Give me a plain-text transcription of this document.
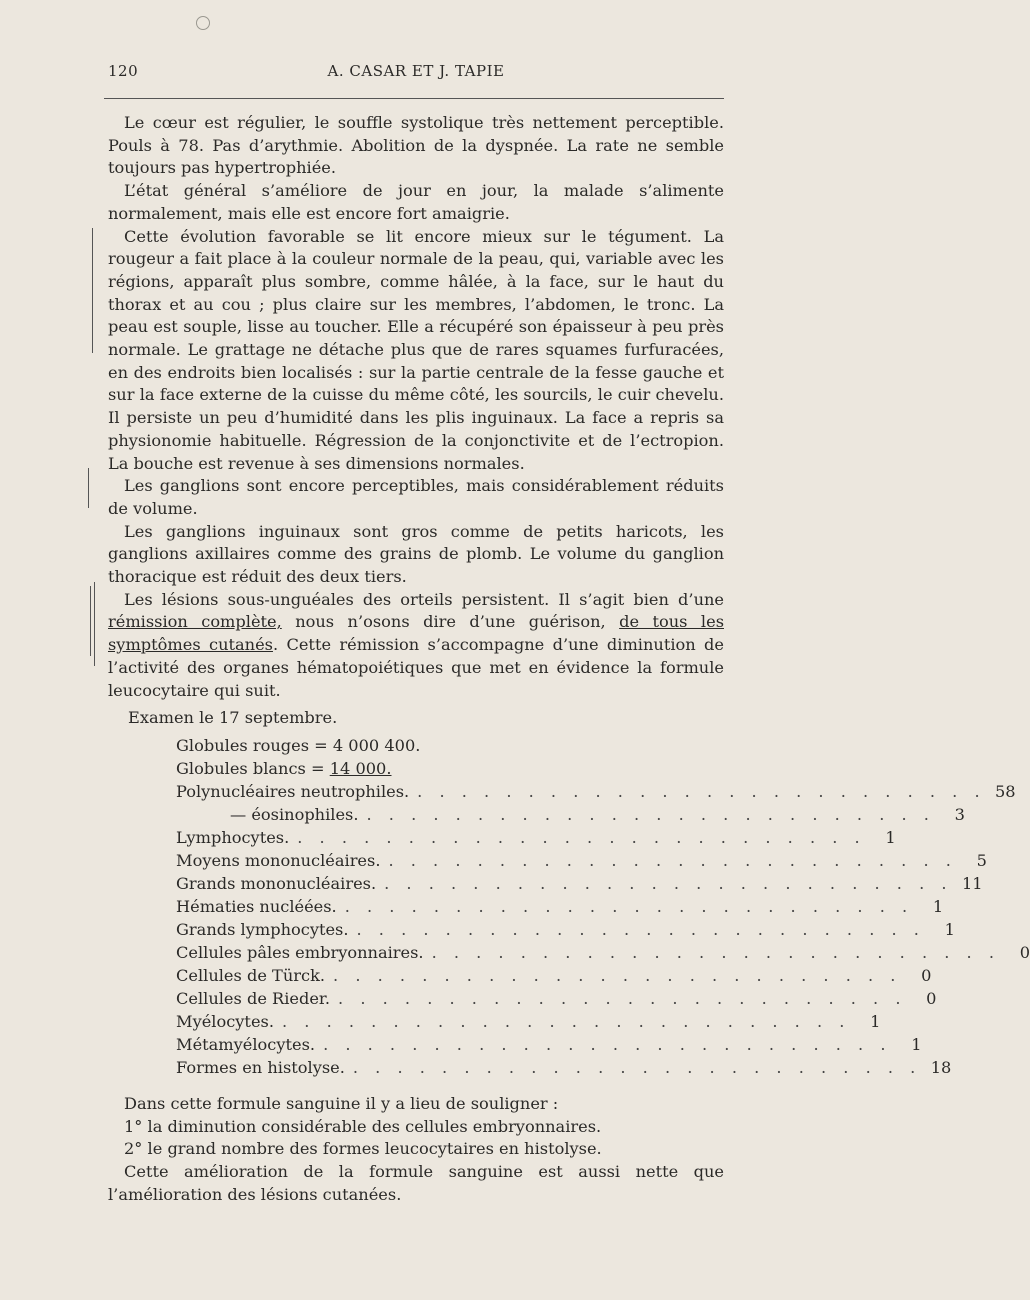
120	A. CASAR ET J. TAPIE

Le cœur est régulier, le souffle systolique très nettement perceptible. Pouls à 78. Pas d’arythmie. Abolition de la dyspnée. La rate ne semble toujours pas hypertrophiée.

L’état général s’améliore de jour en jour, la malade s’alimente normalement, mais elle est encore fort amaigrie.

Cette évolution favorable se lit encore mieux sur le tégument. La rougeur a fait place à la couleur normale de la peau, qui, variable avec les régions, apparaît plus sombre, comme hâlée, à la face, sur le haut du thorax et au cou ; plus claire sur les membres, l’abdomen, le tronc. La peau est souple, lisse au toucher. Elle a récupéré son épaisseur à peu près normale. Le grattage ne détache plus que de rares squames furfuracées, en des endroits bien localisés : sur la partie centrale de la fesse gauche et sur la face externe de la cuisse du même côté, les sourcils, le cuir chevelu. Il persiste un peu d’humidité dans les plis inguinaux. La face a repris sa physionomie habituelle. Régression de la conjonctivite et de l’ectropion. La bouche est revenue à ses dimensions normales.

Les ganglions sont encore perceptibles, mais considérablement réduits de volume.

Les ganglions inguinaux sont gros comme de petits haricots, les ganglions axillaires comme des grains de plomb. Le volume du ganglion thoracique est réduit des deux tiers.

Les lésions sous-unguéales des orteils persistent. Il s’agit bien d’une rémission complète, nous n’osons dire d’une guérison, de tous les symptômes cutanés. Cette rémission s’accompagne d’une diminution de l’activité des organes hématopoiétiques que met en évidence la formule leucocytaire qui suit.

Examen le 17 septembre.
Globules rouges = 4 000 400.
Globules blancs = 14 000.
Polynucléaires neutrophiles. . . . . . . . . . . . . . . . . . . . . . . . . . . 58
— éosinophiles. . . . . . . . . . . . . . . . . . . . . . . . . . .	3
Lymphocytes. . . . . . . . . . . . . . . . . . . . . . . . . . .	1
Moyens mononucléaires. . . . . . . . . . . . . . . . . . . . . . . . . . .	5
Grands mononucléaires. . . . . . . . . . . . . . . . . . . . . . . . . . . 11
Hématies nucléées. . . . . . . . . . . . . . . . . . . . . . . . . . .	1
Grands lymphocytes. . . . . . . . . . . . . . . . . . . . . . . . . . .	1
Cellules pâles embryonnaires. . . . . . . . . . . . . . . . . . . . . . . . . . .	0
Cellules de Türck. . . . . . . . . . . . . . . . . . . . . . . . . . .	0
Cellules de Rieder. . . . . . . . . . . . . . . . . . . . . . . . . . .	0
Myélocytes. . . . . . . . . . . . . . . . . . . . . . . . . . .	1
Métamyélocytes. . . . . . . . . . . . . . . . . . . . . . . . . . .	1
Formes en histolyse. . . . . . . . . . . . . . . . . . . . . . . . . . . 18

Dans cette formule sanguine il y a lieu de souligner :

1° la diminution considérable des cellules embryonnaires.

2° le grand nombre des formes leucocytaires en histolyse.

Cette amélioration de la formule sanguine est aussi nette que l’amélioration des lésions cutanées.
